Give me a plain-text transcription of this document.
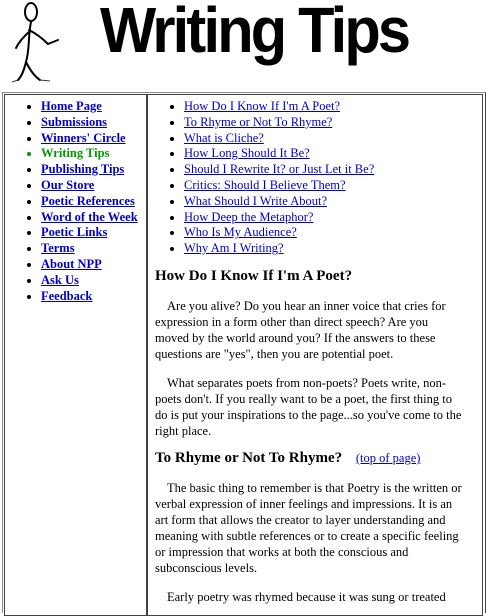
Writing Tips
• Home Page
• Submissions
• Winners' Circle
• Writing Tips
• Publishing Tips
• Our Store
• Poetic References
• Word of the Week
• Poetic Links
• Terms
• About NPP
• Ask Us
• Feedback
• How Do I Know If I'm A Poet?
• To Rhyme or Not To Rhyme?
• What is Cliche?
• How Long Should It Be?
• Should I Rewrite It? or Just Let it Be?
• Critics: Should I Believe Them?
• What Should I Write About?
• How Deep the Metaphor?
• Who Is My Audience?
• Why Am I Writing?
How Do I Know If I'm A Poet?
Are you alive? Do you hear an inner voice that cries for expression in a form other than direct speech? Are you moved by the world around you? If the answers to these questions are "yes", then you are potential poet.
What separates poets from non-poets? Poets write, non-poets don't. If you really want to be a poet, the first thing to do is put your inspirations to the page...so you've come to the right place.
To Rhyme or Not To Rhyme? (top of page)
The basic thing to remember is that Poetry is the written or verbal expression of inner feelings and impressions. It is an art form that allows the creator to layer understanding and meaning with subtle references or to create a specific feeling or impression that works at both the conscious and subconscious levels.
Early poetry was rhymed because it was sung or treated
